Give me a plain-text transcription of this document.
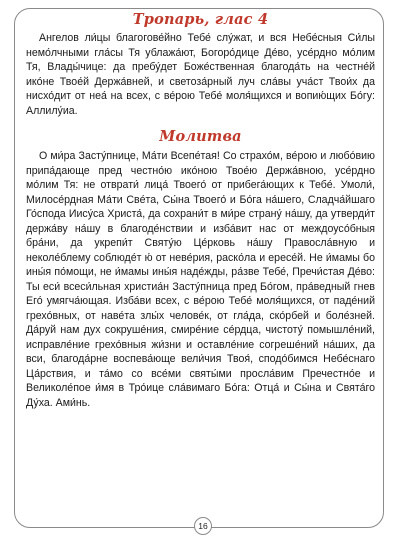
Тропарь, глас 4

Ангелов ли́цы благогове́йно Тебе́ слу́жат, и вся Небе́сныя Си́лы немо́лчными гла́сы Тя ублажа́ют, Богоро́дице Де́во, усе́рдно мо́лим Тя, Влады́чице: да пребу́дет Боже́ственная благода́ть на честне́й ико́не Твое́й Держа́вней, и светоза́рный луч сла́вы уча́ст Твои́х да нисхо́дит от неа́ на всех, с ве́рою Тебе́ моля́щихся и вопию́щих Бо́гу: Аллилу́иа.

Молитва

О ми́ра Засту́пнице, Ма́ти Всепе́тая! Со страхо́м, ве́рою и любо́вию припа́дающе пред честно́ю ико́ною Твое́ю Держа́вною, усе́рдно мо́лим Тя: не отврати́ лица́ Твоего́ от прибега́ющих к Тебе́. Умоли́, Милосе́рдная Ма́ти Све́та, Сы́на Твоего́ и Бо́га на́шего, Сладча́йшаго Го́спода Иису́са Христа́, да сохрани́т в ми́ре страну́ на́шу, да утверди́т держа́ву на́шу в благоде́нствии и изба́вит нас от междоусо́бныя бра́ни, да укрепи́т Святу́ю Це́рковь на́шу Правосла́вную и неколе́блему соблюде́т ю́ от неве́рия, раско́ла и ересе́й. Не и́мамы бо ины́я по́мощи, не и́мамы ины́я наде́жды, ра́зве Тебе́, Пречи́стая Де́во: Ты еси́ всеси́льная христиа́н Засту́пница пред Бо́гом, пра́ведный гнев Его́ умягча́ющая. Изба́ви всех, с ве́рою Тебе́ моля́щихся, от паде́ний грехо́вных, от наве́та злы́х челове́к, от гла́да, ско́рбей и боле́зней. Да́руй нам дух сокруше́ния, смире́ние се́рдца, чистоту́ помышле́ний, исправле́ние грехо́вныя жи́зни и оставле́ние согреше́ний на́ших, да вси, благода́рне воспева́юще вели́чия Твоя́, сподо́бимся Небе́снаго Ца́рствия, и та́мо со все́ми святы́ми просла́вим Пречестно́е и Великоле́пое и́мя в Тро́ице сла́вимаго Бо́га: Отца́ и Сы́на и Свята́го Ду́ха. Ами́нь.

16
